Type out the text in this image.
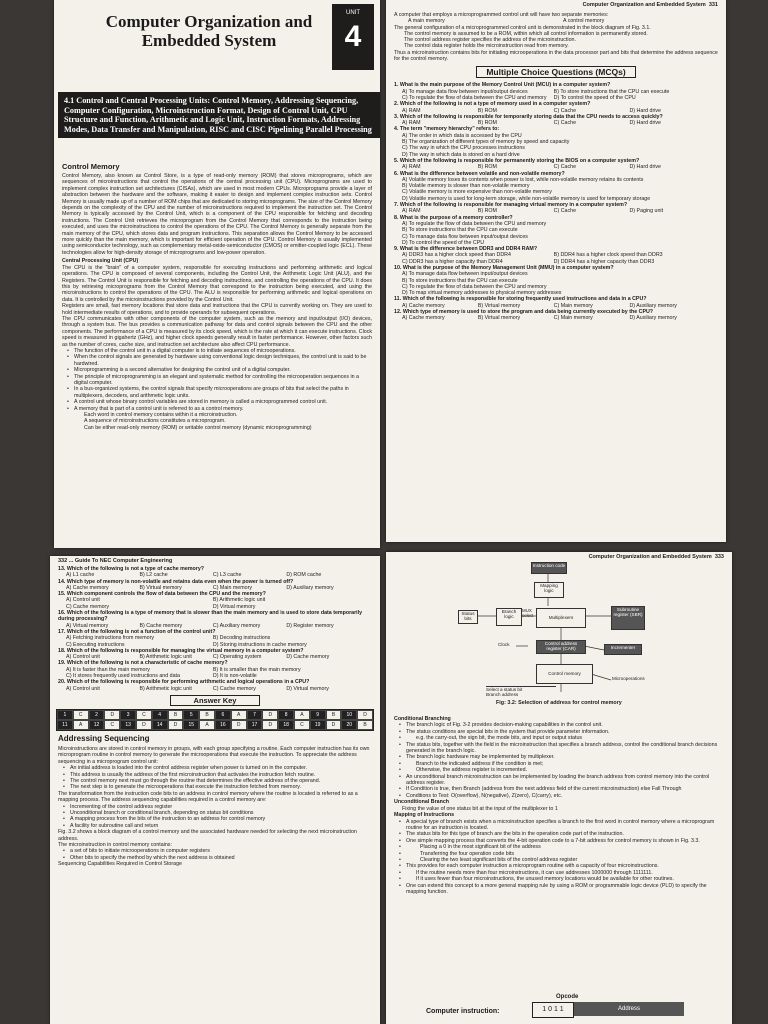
UNIT
4
Computer Organization and Embedded System
4.1 Control and Central Processing Units: Control Memory, Addressing Sequencing, Computer Configuration, Microinstruction Format, Design of Control Unit, CPU Structure and Function, Arithmetic and Logic Unit, Instruction Formats, Addressing Modes, Data Transfer and Manipulation, RISC and CISC Pipelining Parallel Processing
Control Memory

Control Memory, also known as Control Store, is a type of read-only memory (ROM) that stores microprograms, which are sequences of microinstructions that control the operations of the central processing unit (CPU). Microprograms are used to implement complex instruction set architectures (CISAs), which are used in most modern CPUs. Microprograms provide a layer of abstraction between the hardware and the software, making it easier to design and implement complex instruction sets. Control Memory is usually made up of a number of ROM chips that are dedicated to storing microprograms. The size of the Control Memory depends on the complexity of the CPU and the number of microinstructions required to implement the instruction set. The Control Memory is typically accessed by the Control Unit, which is a component of the CPU responsible for fetching and decoding instructions. The Control Unit retrieves the microprogram from the Control Memory that corresponds to the instruction being executed, and uses the microinstructions to control the operations of the CPU. The Control Memory is generally separate from the main memory of the CPU, which stores data and program instructions. This separation allows the Control Memory to be accessed more quickly than the main memory, which is important for efficient operation of the CPU. Control Memory is usually implemented using semiconductor technology, such as complementary metal-oxide-semiconductor (CMOS) or emitter-coupled logic (ECL). These technologies allow for high-density storage of microprograms and low-power operation.

Central Processing Unit (CPU)

The CPU is the "brain" of a computer system, responsible for executing instructions and performing arithmetic and logical operations. The CPU is composed of several components, including the Control Unit, the Arithmetic Logic Unit (ALU), and the Registers. The Control Unit is responsible for fetching and decoding instructions, and controlling the operations of the CPU. It does this by retrieving microprograms from the Control Memory that correspond to the instruction being executed, and using the microinstructions to control the operations of the CPU. The ALU is responsible for performing arithmetic and logical operations on data. It is controlled by the microinstructions provided by the Control Unit.

Registers are small, fast memory locations that store data and instructions that the CPU is currently working on. They are used to hold intermediate results of operations, and to provide operands for subsequent operations.

The CPU communicates with other components of the computer system, such as the memory and input/output (I/O) devices, through a system bus. The bus provides a communication pathway for data and control signals between the CPU and the other components. The performance of a CPU is measured by its clock speed, which is the rate at which it can execute instructions. Clock speed is measured in gigahertz (GHz), and higher clock speeds generally result in faster performance. However, other factors such as the number of cores, cache size, and instruction set architecture also affect CPU performance.

• The function of the control unit in a digital computer is to initiate sequences of microoperations.
• When the control signals are generated by hardware using conventional logic design techniques, the control unit is said to be hardwired.
• Microprogramming is a second alternative for designing the control unit of a digital computer.
• The principle of microprogramming is an elegant and systematic method for controlling the microoperation sequences in a digital computer.
• In a bus-organized systems, the control signals that specify microoperations are groups of bits that select the paths in multiplexers, decoders, and arithmetic logic units.
• A control unit whose binary control variables are stored in memory is called a microprogrammed control unit.
• A memory that is part of a control unit is referred to as a control memory.
Each word in control memory contains within it a microinstruction.
A sequence of microinstructions constitutes a microprogram.
Can be either read-only memory (ROM) or writable control memory (dynamic microprogramming)
Computer Organization and Embedded System 331
A computer that employs a microprogrammed control unit will have two separate memories:
A main memory	A control memory
The general configuration of a microprogrammed control unit is demonstrated in the block diagram of Fig. 3.1.
The control memory is assumed to be a ROM, within which all control information is permanently stored.
The control address register specifies the address of the microinstruction.
The control data register holds the microinstruction read from memory.
Thus a microinstruction contains bits for initiating microoperations in the data processor part and bits that determine the address sequence for the control memory.
Multiple Choice Questions (MCQs)
1. What is the main purpose of the Memory Control Unit (MCU) in a computer system?
A) To manage data flow between input/output devices	B) To store instructions that the CPU can execute
C) To regulate the flow of data between the CPU and memory	D) To control the speed of the CPU
2. Which of the following is not a type of memory used in a computer system?
A) RAM	B) ROM	C) Cache	D) Hard drive
3. Which of the following is responsible for temporarily storing data that the CPU needs to access quickly?
A) RAM	B) ROM	C) Cache	D) Hard drive
4. The term "memory hierarchy" refers to:
A) The order in which data is accessed by the CPU
B) The organization of different types of memory by speed and capacity
C) The way in which the CPU processes instructions
D) The way in which data is stored on a hard drive
5. Which of the following is responsible for permanently storing the BIOS on a computer system?
A) RAM	B) ROM	C) Cache	D) Hard drive
6. What is the difference between volatile and non-volatile memory?
A) Volatile memory loses its contents when power is lost, while non-volatile memory retains its contents
B) Volatile memory is slower than non-volatile memory
C) Volatile memory is more expensive than non-volatile memory
D) Volatile memory is used for long-term storage, while non-volatile memory is used for temporary storage
7. Which of the following is responsible for managing virtual memory in a computer system?
A) RAM	B) ROM	C) Cache	D) Paging unit
8. What is the purpose of a memory controller?
A) To regulate the flow of data between the CPU and memory
B) To store instructions that the CPU can execute
C) To manage data flow between input/output devices
D) To control the speed of the CPU
9. What is the difference between DDR3 and DDR4 RAM?
A) DDR3 has a higher clock speed than DDR4	B) DDR4 has a higher clock speed than DDR3
C) DDR3 has a higher capacity than DDR4	D) DDR4 has a higher capacity than DDR3
10. What is the purpose of the Memory Management Unit (MMU) in a computer system?
A) To manage data flow between input/output devices
B) To store instructions that the CPU can execute
C) To regulate the flow of data between the CPU and memory
D) To map virtual memory addresses to physical memory addresses
11. Which of the following is responsible for storing frequently used instructions and data in a CPU?
A) Cache memory	B) Virtual memory	C) Main memory	D) Auxiliary memory
12. Which type of memory is used to store the program and data being currently executed by the CPU?
A) Cache memory	B) Virtual memory	C) Main memory	D) Auxiliary memory
332 ... Guide To NEC Computer Engineering
13. Which of the following is not a type of cache memory?
A) L1 cache	B) L2 cache	C) L3 cache	D) ROM cache
14. Which type of memory is non-volatile and retains data even when the power is turned off?
A) Cache memory	B) Virtual memory	C) Main memory	D) Auxiliary memory
15. Which component controls the flow of data between the CPU and the memory?
A) Control unit	B) Arithmetic logic unit
C) Cache memory	D) Virtual memory
16. Which of the following is a type of memory that is slower than the main memory and is used to store data temporarily during processing?
A) Virtual memory	B) Cache memory	C) Auxiliary memory	D) Register memory
17. Which of the following is not a function of the control unit?
A) Fetching instructions from memory	B) Decoding instructions
C) Executing instructions	D) Storing instructions in cache memory
18. Which of the following is responsible for managing the virtual memory in a computer system?
A) Control unit	B) Arithmetic logic unit	C) Operating system	D) Cache memory
19. Which of the following is not a characteristic of cache memory?
A) It is faster than the main memory	B) It is smaller than the main memory
C) It stores frequently used instructions and data	D) It is non-volatile
20. Which of the following is responsible for performing arithmetic and logical operations in a CPU?
A) Control unit	B) Arithmetic logic unit	C) Cache memory	D) Virtual memory
Answer Key
1	C	2	D	3	C	4	B	5	B	6	A	7	D	8	A	9	B	10	D
11	A	12	C	13	D	14	D	15	A	16	D	17	D	18	C	19	D	20	B
Addressing Sequencing

Microinstructions are stored in control memory in groups, with each group specifying a routine. Each computer instruction has its own microprogram routine in control memory to generate the microoperations that execute the instruction. To appreciate the address sequencing in a microprogram control unit:

• An initial address is loaded into the control address register when power is turned on in the computer.
• This address is usually the address of the first microinstruction that activates the instruction fetch routine.
• The control memory next must go through the routine that determines the effective address of the operand.
• The next step is to generate the microoperations that execute the instruction fetched from memory.

The transformation from the instruction code bits to an address in control memory where the routine is located is referred to as a mapping process. The address sequencing capabilities required in a control memory are:

• Incrementing of the control address register
• Unconditional branch or conditional branch, depending on status bit conditions
• A mapping process from the bits of the instruction to an address for control memory
• A facility for subroutine call and return

Fig. 3.2 shows a block diagram of a control memory and the associated hardware needed for selecting the next microinstruction address.

The microinstruction in control memory contains:

• a set of bits to initiate microoperations in computer registers
• Other bits to specify the method by which the next address is obtained

Sequencing Capabilities Required in Control Storage

Computer Organization and Embedded System 333
Instruction code
Mapping logic
Status bits
Branch logic
MUX select	Multiplexers
Subroutine register (SBR)
Control address register (CAR)
Clock
Incrementer
Control memory
Select a status bit
Branch address
Microoperations
Fig: 3.2: Selection of address for control memory
Conditional Branching
• The branch logic of Fig. 3-2 provides decision-making capabilities in the control unit.
• The status conditions are special bits in the system that provide parameter information.
• e.g. the carry-out, the sign bit, the mode bits, and input or output status
• The status bits, together with the field in the microinstruction that specifies a branch address, control the conditional branch decisions generated in the branch logic.
• The branch logic hardware may be implemented by multiplexer.
• Branch to the indicated address if the condition is met;
• Otherwise, the address register is incremented.
• An unconditional branch microinstruction can be implemented by loading the branch address from control memory into the control address register.
• If Condition is true, then Branch (address from the next address field of the current microinstruction) else Fall Through
• Conditions to Test: O(overflow), N(negative), Z(zero), C(carry), etc.
Unconditional Branch
Fixing the value of one status bit at the input of the multiplexer to 1
Mapping of Instructions
• A special type of branch exists when a microinstruction specifies a branch to the first word in control memory where a microprogram routine for an instruction is located.
• The status bits for this type of branch are the bits in the operation code part of the instruction.
• One simple mapping process that converts the 4-bit operation code to a 7-bit address for control memory is shown in Fig. 3.3.
• Placing a 0 in the most significant bit of the address
• Transferring the four operation code bits
• Clearing the two least significant bits of the control address register
• This provides for each computer instruction a microprogram routine with a capacity of four microinstructions.
• If the routine needs more than four microinstructions, it can use addresses 1000000 through 1111111.
• If it uses fewer than four microinstructions, the unused memory locations would be available for other routines.
• One can extend this concept to a more general mapping rule by using a ROM or programmable logic device (PLD) to specify the mapping function.
Opcode
Computer instruction:	1 0 1 1	Address
